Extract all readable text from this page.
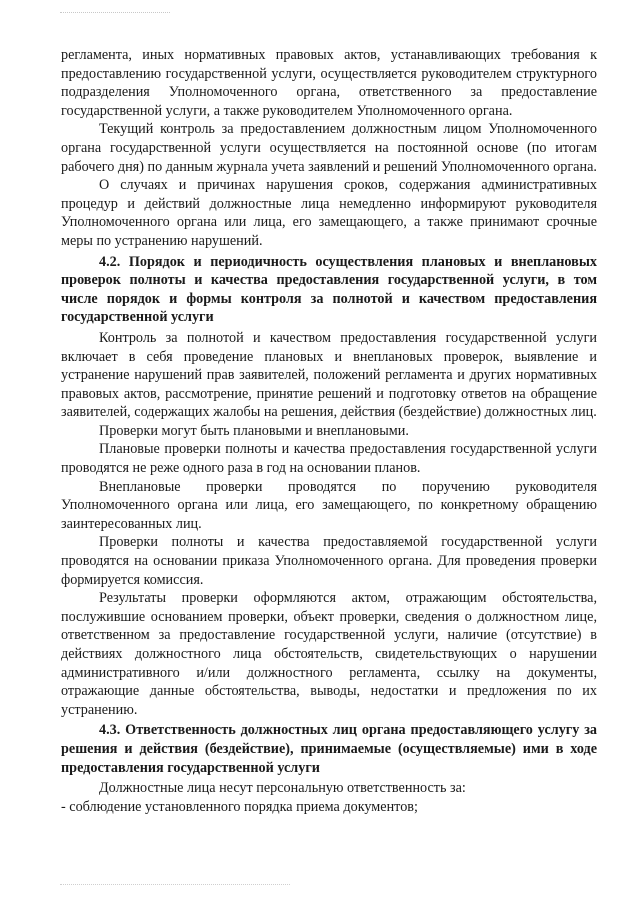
регламента, иных нормативных правовых актов, устанавливающих требования к предоставлению государственной услуги, осуществляется руководителем структурного подразделения Уполномоченного органа, ответственного за предоставление государственной услуги, а также руководителем Уполномоченного органа.

Текущий контроль за предоставлением должностным лицом Уполномоченного органа государственной услуги осуществляется на постоянной основе (по итогам рабочего дня) по данным журнала учета заявлений и решений Уполномоченного органа.

О случаях и причинах нарушения сроков, содержания административных процедур и действий должностные лица немедленно информируют руководителя Уполномоченного органа или лица, его замещающего, а также принимают срочные меры по устранению нарушений.

4.2. Порядок и периодичность осуществления плановых и внеплановых проверок полноты и качества предоставления государственной услуги, в том числе порядок и формы контроля за полнотой и качеством предоставления государственной услуги

Контроль за полнотой и качеством предоставления государственной услуги включает в себя проведение плановых и внеплановых проверок, выявление и устранение нарушений прав заявителей, положений регламента и других нормативных правовых актов, рассмотрение, принятие решений и подготовку ответов на обращение заявителей, содержащих жалобы на решения, действия (бездействие) должностных лиц.

Проверки могут быть плановыми и внеплановыми.

Плановые проверки полноты и качества предоставления государственной услуги проводятся не реже одного раза в год на основании планов.

Внеплановые проверки проводятся по поручению руководителя Уполномоченного органа или лица, его замещающего, по конкретному обращению заинтересованных лиц.

Проверки полноты и качества предоставляемой государственной услуги проводятся на основании приказа Уполномоченного органа. Для проведения проверки формируется комиссия.

Результаты проверки оформляются актом, отражающим обстоятельства, послужившие основанием проверки, объект проверки, сведения о должностном лице, ответственном за предоставление государственной услуги, наличие (отсутствие) в действиях должностного лица обстоятельств, свидетельствующих о нарушении административного и/или должностного регламента, ссылку на документы, отражающие данные обстоятельства, выводы, недостатки и предложения по их устранению.

4.3. Ответственность должностных лиц органа предоставляющего услугу за решения и действия (бездействие), принимаемые (осуществляемые) ими в ходе предоставления государственной услуги

Должностные лица несут персональную ответственность за:

- соблюдение установленного порядка приема документов;
